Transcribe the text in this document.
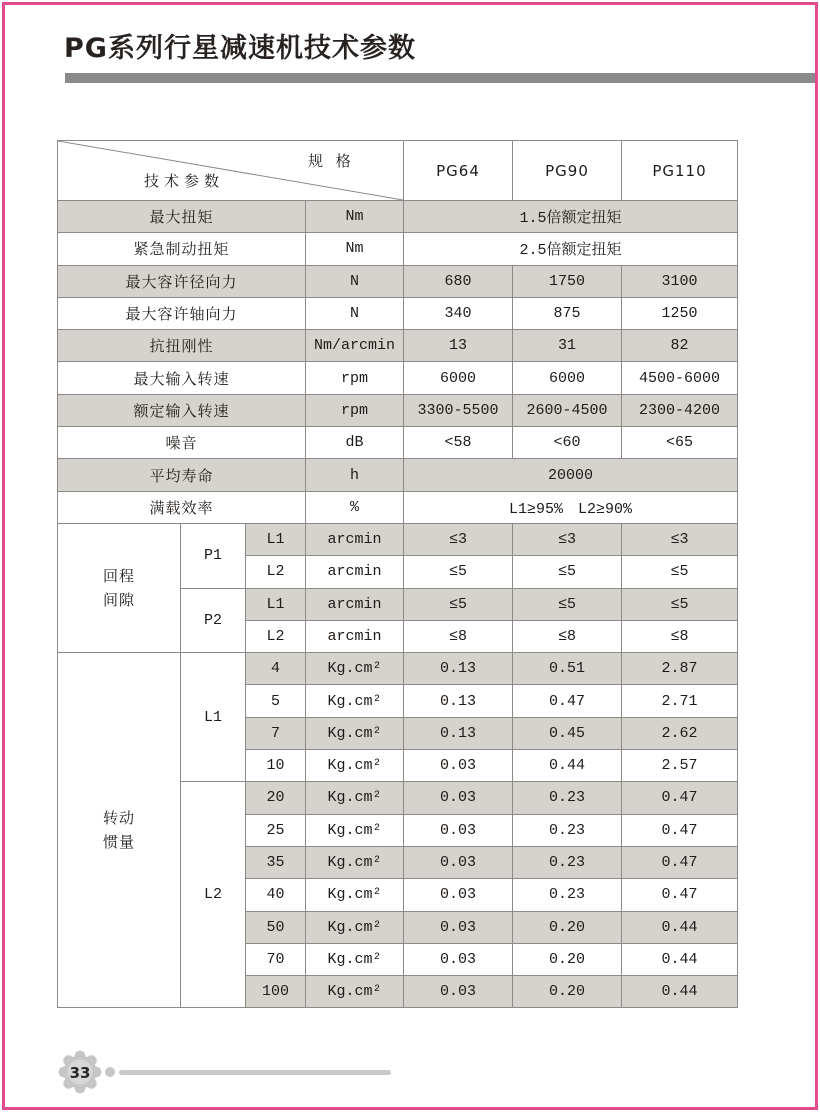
PG系列行星减速机技术参数
规 格
技术参数				PG64	PG90	PG110
最大扭矩			Nm	1.5倍额定扭矩		
紧急制动扭矩			Nm	2.5倍额定扭矩		
最大容许径向力			N	680	1750	3100
最大容许轴向力			N	340	875	1250
抗扭刚性			Nm/arcmin	13	31	82
最大输入转速			rpm	6000	6000	4500-6000
额定输入转速			rpm	3300-5500	2600-4500	2300-4200
噪音			dB	<58	<60	<65
平均寿命			h	20000		
满载效率			%	L1≥95%　L2≥90%		

回程
间隙	P1	L1	arcmin	≤3	≤3	≤3
		L2	arcmin	≤5	≤5	≤5
	P2	L1	arcmin	≤5	≤5	≤5
		L2	arcmin	≤8	≤8	≤8

转动
惯量	L1	4	Kg.cm²	0.13	0.51	2.87
		5	Kg.cm²	0.13	0.47	2.71
		7	Kg.cm²	0.13	0.45	2.62
		10	Kg.cm²	0.03	0.44	2.57
	L2	20	Kg.cm²	0.03	0.23	0.47
		25	Kg.cm²	0.03	0.23	0.47
		35	Kg.cm²	0.03	0.23	0.47
		40	Kg.cm²	0.03	0.23	0.47
		50	Kg.cm²	0.03	0.20	0.44
		70	Kg.cm²	0.03	0.20	0.44
		100	Kg.cm²	0.03	0.20	0.44
33
